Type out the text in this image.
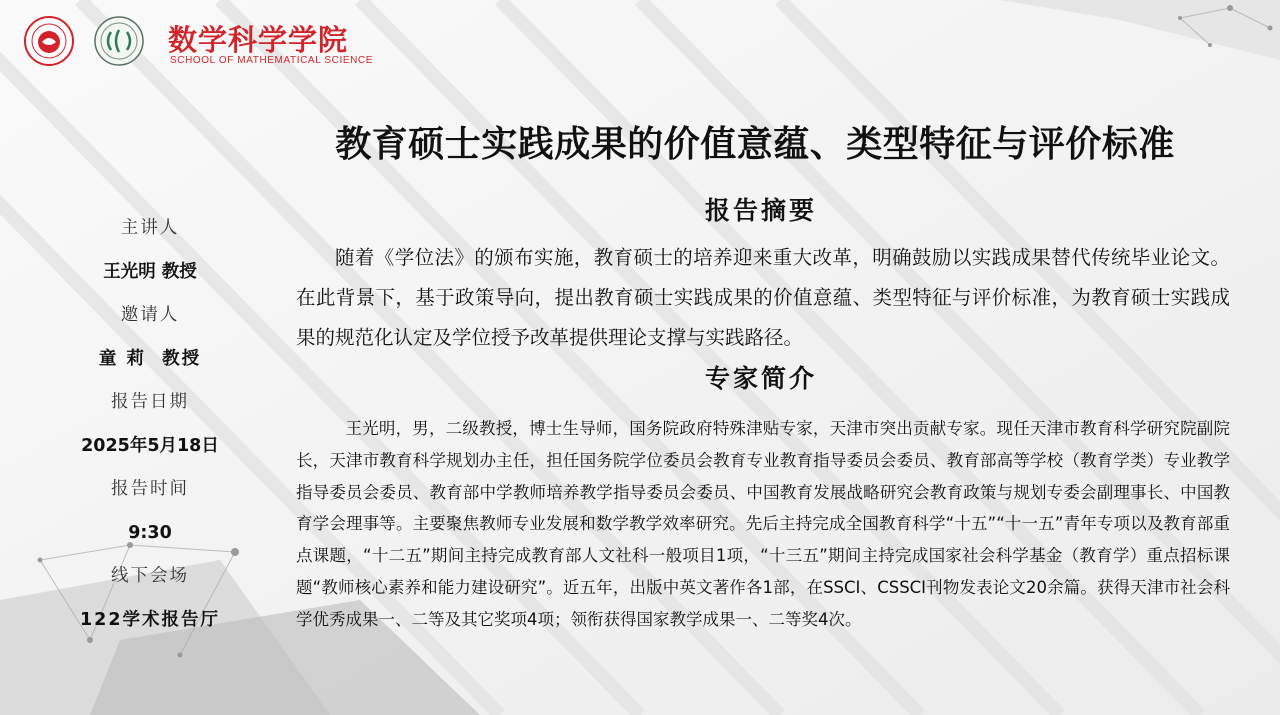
数学科学学院
SCHOOL OF MATHEMATICAL SCIENCE
教育硕士实践成果的价值意蕴、类型特征与评价标准
主讲人
王光明 教授
邀请人
童 莉  教授
报告日期
2025年5月18日
报告时间
9:30
线下会场
122学术报告厅
报告摘要

随着《学位法》的颁布实施，教育硕士的培养迎来重大改革，明确鼓励以实践成果替代传统毕业论文。在此背景下，基于政策导向，提出教育硕士实践成果的价值意蕴、类型特征与评价标准，为教育硕士实践成果的规范化认定及学位授予改革提供理论支撑与实践路径。

专家简介

王光明，男，二级教授，博士生导师，国务院政府特殊津贴专家，天津市突出贡献专家。现任天津市教育科学研究院副院长，天津市教育科学规划办主任，担任国务院学位委员会教育专业教育指导委员会委员、教育部高等学校（教育学类）专业教学指导委员会委员、教育部中学教师培养教学指导委员会委员、中国教育发展战略研究会教育政策与规划专委会副理事长、中国教育学会理事等。主要聚焦教师专业发展和数学教学效率研究。先后主持完成全国教育科学“十五”“十一五”青年专项以及教育部重点课题，“十二五”期间主持完成教育部人文社科一般项目1项，“十三五”期间主持完成国家社会科学基金（教育学）重点招标课题“教师核心素养和能力建设研究”。近五年，出版中英文著作各1部，在SSCI、CSSCI刊物发表论文20余篇。获得天津市社会科学优秀成果一、二等及其它奖项4项；领衔获得国家教学成果一、二等奖4次。
